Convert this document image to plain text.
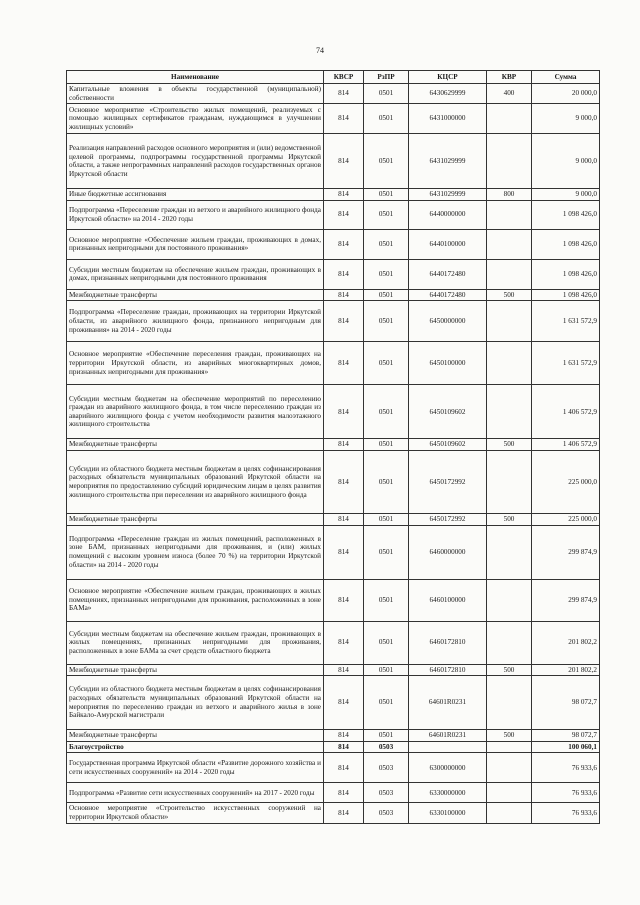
74
Наименование	КВСР	РзПР	КЦСР	КВР	Сумма
Капитальные вложения в объекты государственной (муниципальной) собственности	814	0501	6430629999	400	20 000,0
Основное мероприятие «Строительство жилых помещений, реализуемых с помощью жилищных сертификатов гражданам, нуждающимся в улучшении жилищных условий»	814	0501	6431000000		9 000,0
Реализация направлений расходов основного мероприятия и (или) ведомственной целевой программы, подпрограммы государственной программы Иркутской области, а также непрограммных направлений расходов государственных органов Иркутской области	814	0501	6431029999		9 000,0
Иные бюджетные ассигнования	814	0501	6431029999	800	9 000,0
Подпрограмма «Переселение граждан из ветхого и аварийного жилищного фонда Иркутской области» на 2014 - 2020 годы	814	0501	6440000000		1 098 426,0
Основное мероприятие «Обеспечение жильем граждан, проживающих в домах, признанных непригодными для постоянного проживания»	814	0501	6440100000		1 098 426,0
Субсидии местным бюджетам на обеспечение жильем граждан, проживающих в домах, признанных непригодными для постоянного проживания	814	0501	6440172480		1 098 426,0
Межбюджетные трансферты	814	0501	6440172480	500	1 098 426,0
Подпрограмма «Переселение граждан, проживающих на территории Иркутской области, из аварийного жилищного фонда, признанного непригодным для проживания» на 2014 - 2020 годы	814	0501	6450000000		1 631 572,9
Основное мероприятие «Обеспечение переселения граждан, проживающих на территории Иркутской области, из аварийных многоквартирных домов, признанных непригодными для проживания»	814	0501	6450100000		1 631 572,9
Субсидии местным бюджетам на обеспечение мероприятий по переселению граждан из аварийного жилищного фонда, в том числе переселению граждан из аварийного жилищного фонда с учетом необходимости развития малоэтажного жилищного строительства	814	0501	6450109602		1 406 572,9
Межбюджетные трансферты	814	0501	6450109602	500	1 406 572,9
Субсидии из областного бюджета местным бюджетам в целях софинансирования расходных обязательств муниципальных образований Иркутской области на мероприятия по предоставлению субсидий юридическим лицам в целях развития жилищного строительства при переселении из аварийного жилищного фонда	814	0501	6450172992		225 000,0
Межбюджетные трансферты	814	0501	6450172992	500	225 000,0
Подпрограмма «Переселение граждан из жилых помещений, расположенных в зоне БАМ, признанных непригодными для проживания, и (или) жилых помещений с высоким уровнем износа (более 70 %) на территории Иркутской области» на 2014 - 2020 годы	814	0501	6460000000		299 874,9
Основное мероприятие «Обеспечение жильем граждан, проживающих в жилых помещениях, признанных непригодными для проживания, расположенных в зоне БАМа»	814	0501	6460100000		299 874,9
Субсидии местным бюджетам на обеспечение жильем граждан, проживающих в жилых помещениях, признанных непригодными для проживания, расположенных в зоне БАМа за счет средств областного бюджета	814	0501	6460172810		201 802,2
Межбюджетные трансферты	814	0501	6460172810	500	201 802,2
Субсидии из областного бюджета местным бюджетам в целях софинансирования расходных обязательств муниципальных образований Иркутской области на мероприятия по переселению граждан из ветхого и аварийного жилья в зоне Байкало-Амурской магистрали	814	0501	64601R0231		98 072,7
Межбюджетные трансферты	814	0501	64601R0231	500	98 072,7
Благоустройство	814	0503			100 060,1
Государственная программа Иркутской области «Развитие дорожного хозяйства и сети искусственных сооружений» на 2014 - 2020 годы	814	0503	6300000000		76 933,6
Подпрограмма «Развитие сети искусственных сооружений» на 2017 - 2020 годы	814	0503	6330000000		76 933,6
Основное мероприятие «Строительство искусственных сооружений на территории Иркутской области»	814	0503	6330100000		76 933,6
